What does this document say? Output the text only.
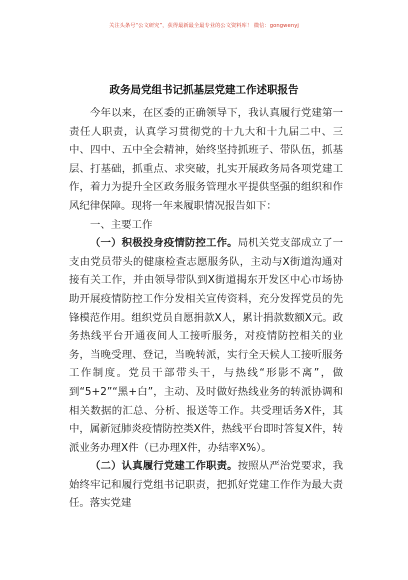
关注头条号“公文研究”，获得最新最全最专业的公文资料库！ 微信：gongwenyj
政务局党组书记抓基层党建工作述职报告

今年以来，在区委的正确领导下，我认真履行党建第一责任人职责，认真学习贯彻党的十九大和十九届二中、三中、四中、五中全会精神，始终坚持抓班子、带队伍，抓基层、打基础，抓重点、求突破，扎实开展政务局各项党建工作，着力为提升全区政务服务管理水平提供坚强的组织和作风纪律保障。现将一年来履职情况报告如下：

一、主要工作

（一）积极投身疫情防控工作。局机关党支部成立了一支由党员带头的健康检查志愿服务队，主动与X街道沟通对接有关工作，并由领导带队到X街道揭东开发区中心市场协助开展疫情防控工作分发相关宣传资料，充分发挥党员的先锋模范作用。组织党员自愿捐款X人，累计捐款数额X元。政务热线平台开通夜间人工接听服务，对疫情防控相关的业务，当晚受理、登记，当晚转派，实行全天候人工接听服务工作制度。党员干部带头干，与热线“形影不离”，做到“5+2”“黑+白”，主动、及时做好热线业务的转派协调和相关数据的汇总、分析、报送等工作。共受理话务X件，其中，属新冠肺炎疫情防控类X件，热线平台即时答复X件，转派业务办理X件（已办理X件，办结率X%）。

（二）认真履行党建工作职责。按照从严治党要求，我始终牢记和履行党组书记职责，把抓好党建工作作为最大责任。落实党建
